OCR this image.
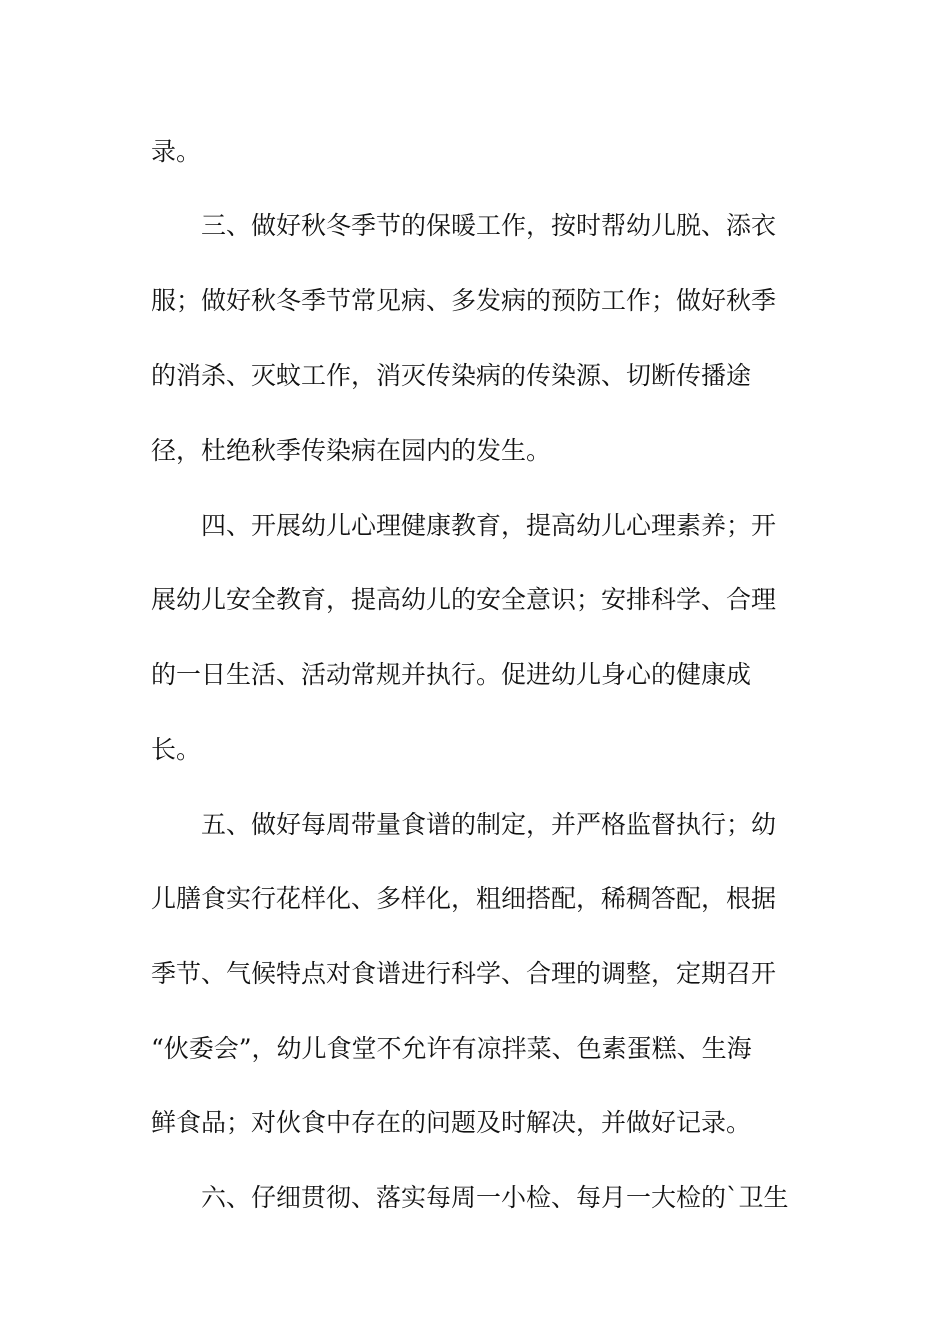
录。

三、做好秋冬季节的保暖工作，按时帮幼儿脱、添衣

服；做好秋冬季节常见病、多发病的预防工作；做好秋季

的消杀、灭蚊工作，消灭传染病的传染源、切断传播途

径，杜绝秋季传染病在园内的发生。

四、开展幼儿心理健康教育，提高幼儿心理素养；开

展幼儿安全教育，提高幼儿的安全意识；安排科学、合理

的一日生活、活动常规并执行。促进幼儿身心的健康成

长。

五、做好每周带量食谱的制定，并严格监督执行；幼

儿膳食实行花样化、多样化，粗细搭配，稀稠答配，根据

季节、气候特点对食谱进行科学、合理的调整，定期召开

“伙委会”，幼儿食堂不允许有凉拌菜、色素蛋糕、生海

鲜食品；对伙食中存在的问题及时解决，并做好记录。

六、仔细贯彻、落实每周一小检、每月一大检的`卫生
